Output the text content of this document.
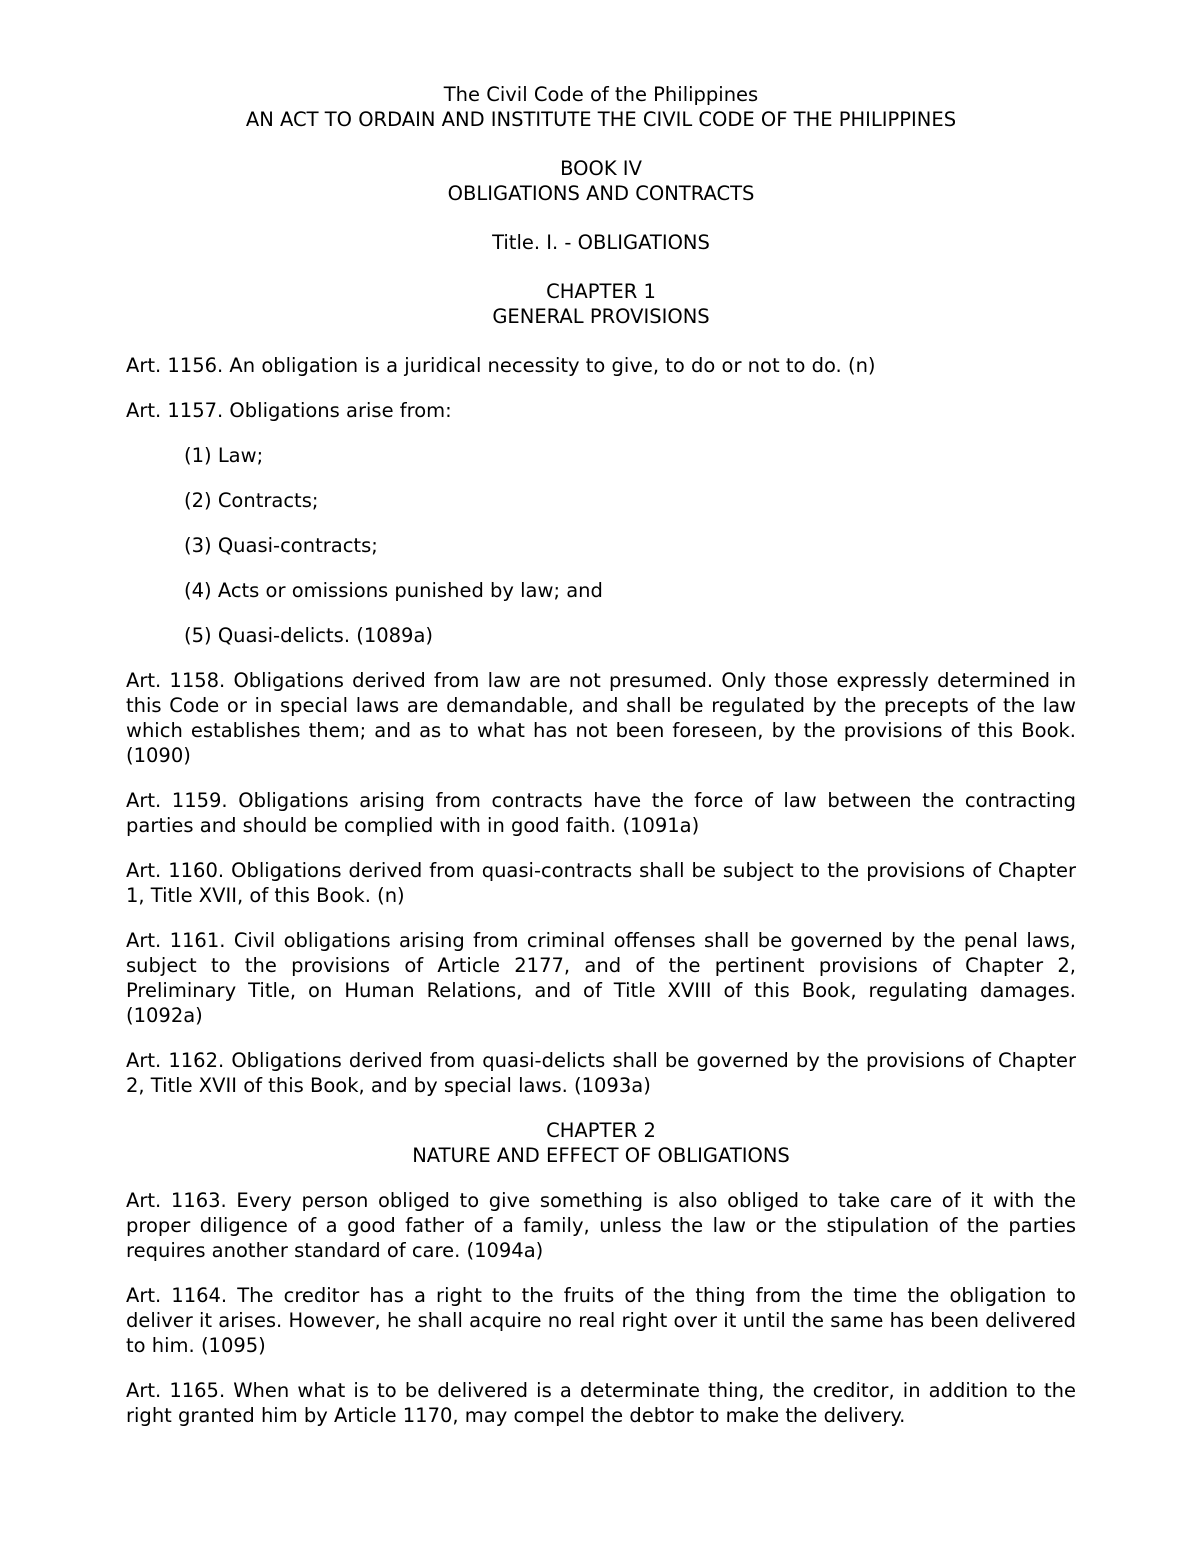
The Civil Code of the Philippines

AN ACT TO ORDAIN AND INSTITUTE THE CIVIL CODE OF THE PHILIPPINES

BOOK IV

OBLIGATIONS AND CONTRACTS

Title. I. - OBLIGATIONS

CHAPTER 1

GENERAL PROVISIONS

Art. 1156. An obligation is a juridical necessity to give, to do or not to do. (n)

Art. 1157. Obligations arise from:

(1) Law;

(2) Contracts;

(3) Quasi-contracts;

(4) Acts or omissions punished by law; and

(5) Quasi-delicts. (1089a)

Art. 1158. Obligations derived from law are not presumed. Only those expressly determined in this Code or in special laws are demandable, and shall be regulated by the precepts of the law which establishes them; and as to what has not been foreseen, by the provisions of this Book. (1090)

Art. 1159. Obligations arising from contracts have the force of law between the contracting parties and should be complied with in good faith. (1091a)

Art. 1160. Obligations derived from quasi-contracts shall be subject to the provisions of Chapter 1, Title XVII, of this Book. (n)

Art. 1161. Civil obligations arising from criminal offenses shall be governed by the penal laws, subject to the provisions of Article 2177, and of the pertinent provisions of Chapter 2, Preliminary Title, on Human Relations, and of Title XVIII of this Book, regulating damages. (1092a)

Art. 1162. Obligations derived from quasi-delicts shall be governed by the provisions of Chapter 2, Title XVII of this Book, and by special laws. (1093a)

CHAPTER 2

NATURE AND EFFECT OF OBLIGATIONS

Art. 1163. Every person obliged to give something is also obliged to take care of it with the proper diligence of a good father of a family, unless the law or the stipulation of the parties requires another standard of care. (1094a)

Art. 1164. The creditor has a right to the fruits of the thing from the time the obligation to deliver it arises. However, he shall acquire no real right over it until the same has been delivered to him. (1095)

Art. 1165. When what is to be delivered is a determinate thing, the creditor, in addition to the right granted him by Article 1170, may compel the debtor to make the delivery.
